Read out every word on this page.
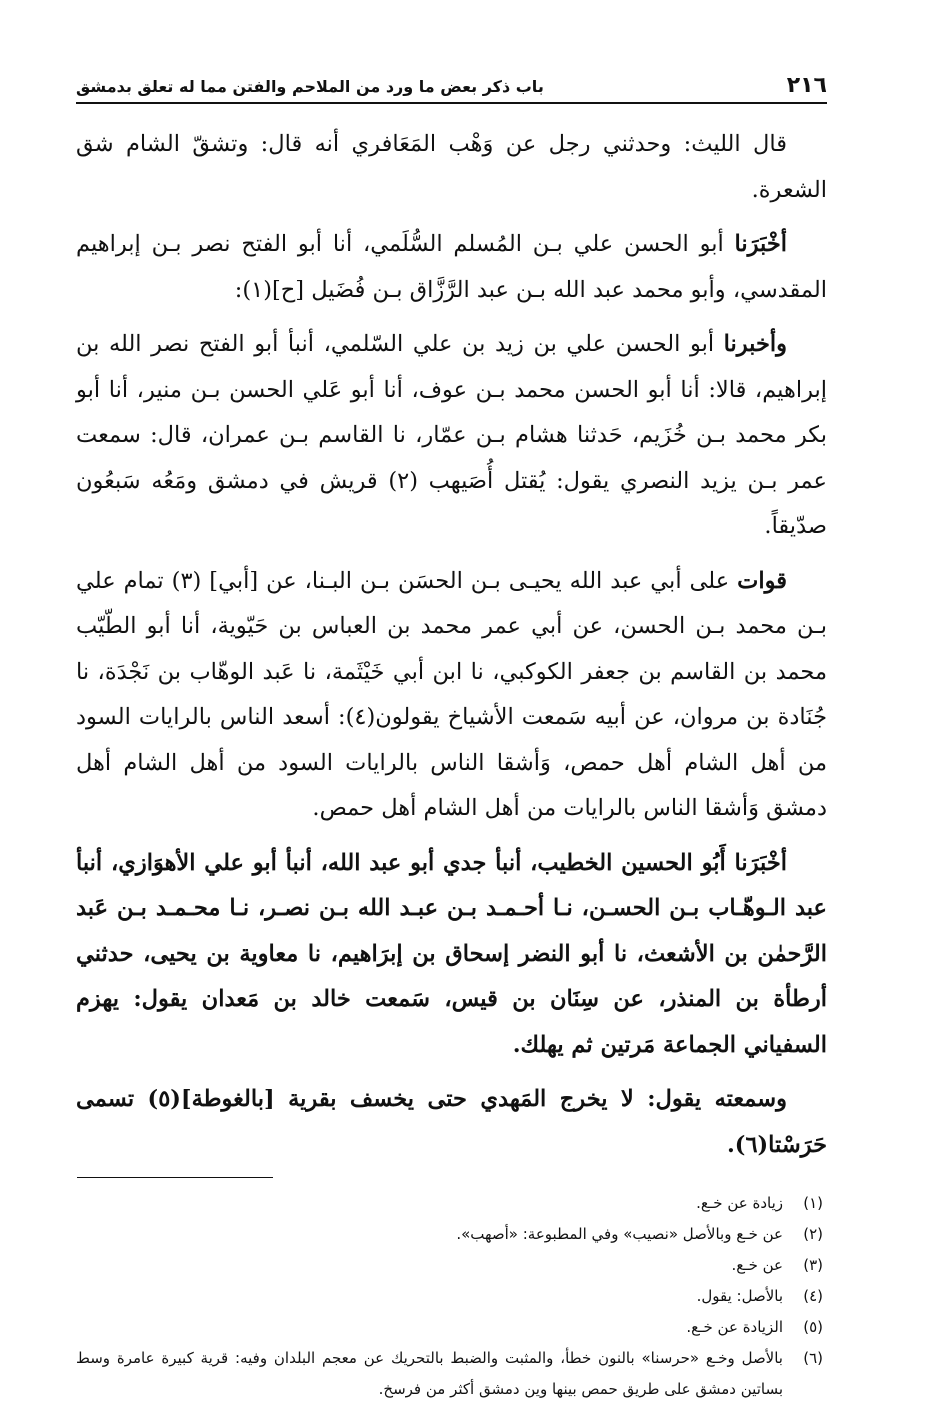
٢١٦
باب ذكر بعض ما ورد من الملاحم والفتن مما له تعلق بدمشق

قال الليث: وحدثني رجل عن وَهْب المَعَافري أنه قال: وتشقّ الشام شق الشعرة.

أخْبَرَنا أبو الحسن علي بـن المُسلم السُّلَمي، أنا أبو الفتح نصر بـن إبراهيم المقدسي، وأبو محمد عبد الله بـن عبد الرَّزَّاق بـن فُضَيل [ح](١):

وأخبرنا أبو الحسن علي بن زيد بن علي السّلمي، أنبأ أبو الفتح نصر الله بن إبراهيم، قالا: أنا أبو الحسن محمد بـن عوف، أنا أبو عَلي الحسن بـن منير، أنا أبو بكر محمد بـن خُزَيم، حَدثنا هشام بـن عمّار، نا القاسم بـن عمران، قال: سمعت عمر بـن يزيد النصري يقول: يُقتل أُصَيهب (٢) قريش في دمشق ومَعُه سَبعُون صدّيقاً.

قوات على أبي عبد الله يحيـى بـن الحسَن بـن البـنا، عن [أبي] (٣) تمام علي بـن محمد بـن الحسن، عن أبي عمر محمد بن العباس بن حَيّوية، أنا أبو الطّيّب محمد بن القاسم بن جعفر الكوكبي، نا ابن أبي خَيْثَمة، نا عَبد الوهّاب بن نَجْدَة، نا جُنَادة بن مروان، عن أبيه سَمعت الأشياخ يقولون(٤): أسعد الناس بالرايات السود من أهل الشام أهل حمص، وَأشقا الناس بالرايات السود من أهل الشام أهل دمشق وَأشقا الناس بالرايات من أهل الشام أهل حمص.

أخْبَرَنا أَبُو الحسين الخطيب، أنبأ جدي أبو عبد الله، أنبأ أبو علي الأهوَازي، أنبأ عبد الـوهّـاب بـن الحسـن، نـا أحـمـد بـن عبـد الله بـن نصـر، نـا محـمـد بـن عَبد الرَّحمٰن بن الأشعث، نا أبو النضر إسحاق بن إبرَاهيم، نا معاوية بن يحيى، حدثني أرطأة بن المنذر، عن سِنَان بن قيس، سَمعت خالد بن مَعدان يقول: يهزم السفياني الجماعة مَرتين ثم يهلك.

وسمعته يقول: لا يخرج المَهدي حتى يخسف بقرية [بالغوطة](٥) تسمى حَرَسْتا(٦).

(١)
زيادة عن خـع.
(٢)
عن خـع وبالأصل «نصيب» وفي المطبوعة: «أصهب».
(٣)
عن خـع.
(٤)
بالأصل: يقول.
(٥)
الزيادة عن خـع.
(٦)
بالأصل وخـع «حرسنا» بالنون خطأ، والمثبت والضبط بالتحريك عن معجم البلدان وفيه: قرية كبيرة عامرة وسط بساتين دمشق على طريق حمص بينها وين دمشق أكثر من فرسخ.
